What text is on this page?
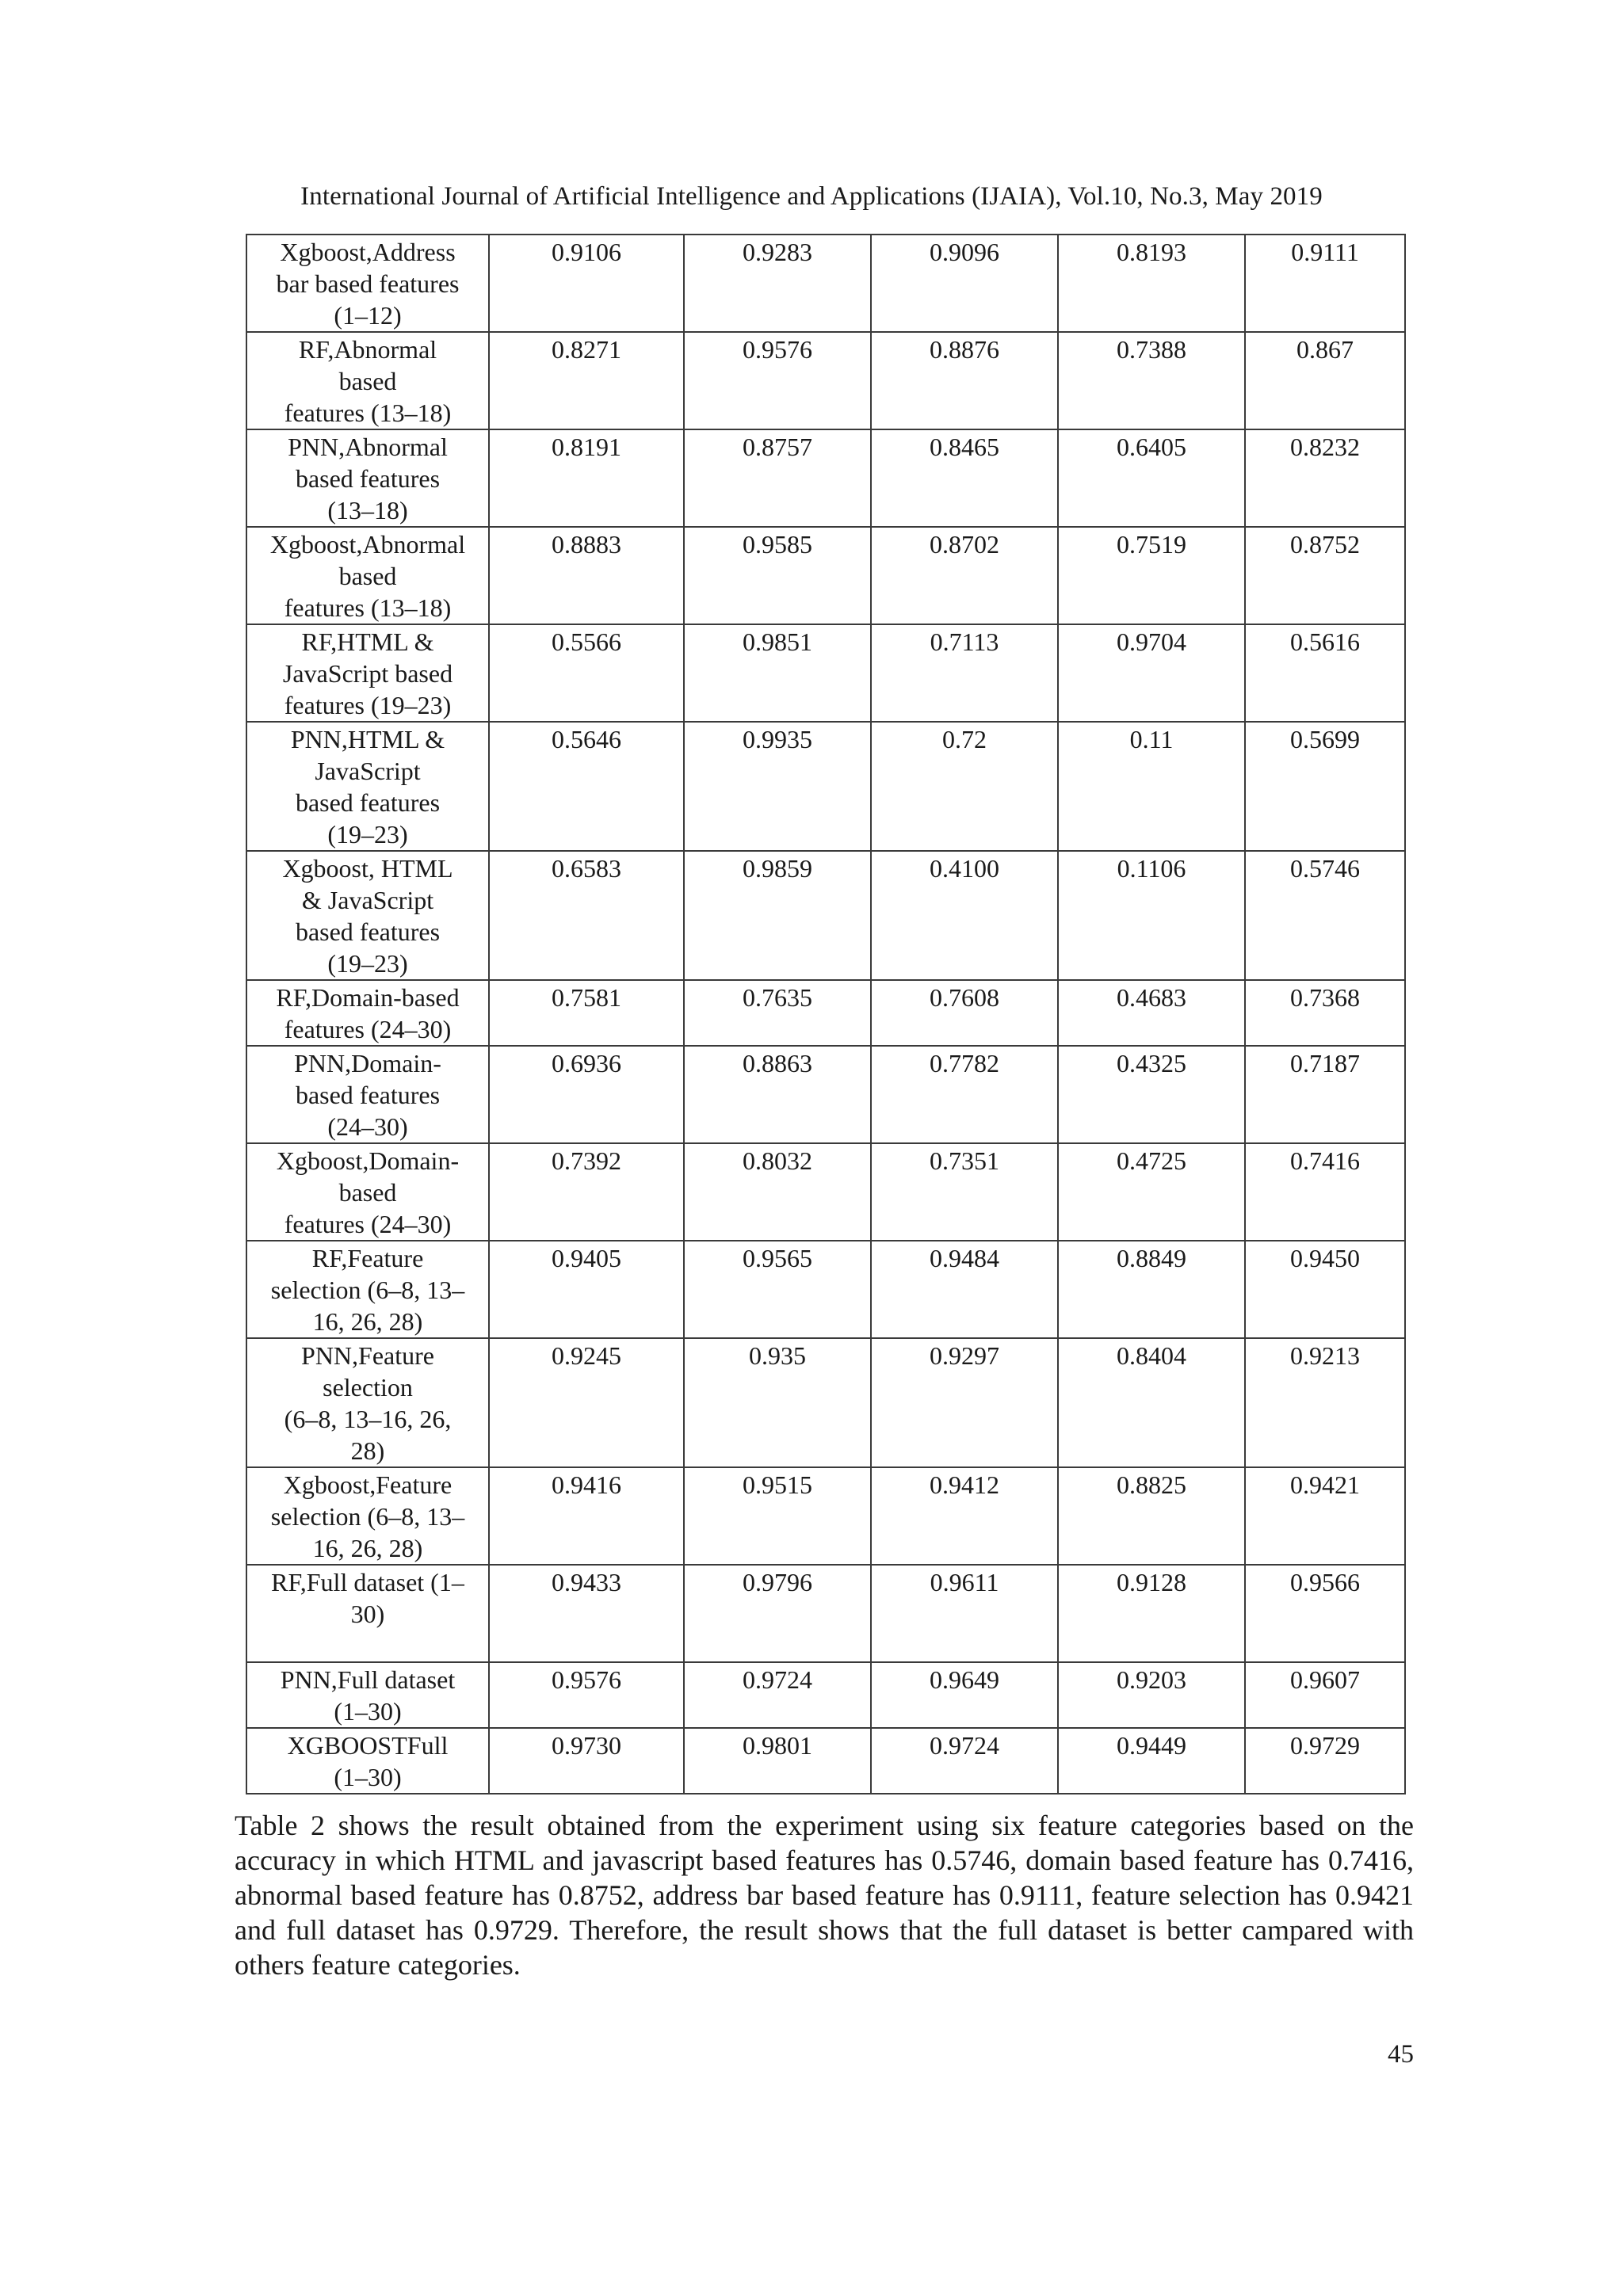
International Journal of Artificial Intelligence and Applications (IJAIA), Vol.10, No.3, May 2019
Xgboost,Address
bar based features
(1–12)	0.9106	0.9283	0.9096	0.8193	0.9111

RF,Abnormal
based
features (13–18)	0.8271	0.9576	0.8876	0.7388	0.867

PNN,Abnormal
based features
(13–18)	0.8191	0.8757	0.8465	0.6405	0.8232

Xgboost,Abnormal
based
features (13–18)	0.8883	0.9585	0.8702	0.7519	0.8752

RF,HTML &
JavaScript based
features (19–23)	0.5566	0.9851	0.7113	0.9704	0.5616

PNN,HTML &
JavaScript
based features
(19–23)	0.5646	0.9935	0.72	0.11	0.5699

Xgboost, HTML
& JavaScript
based features
(19–23)	0.6583	0.9859	0.4100	0.1106	0.5746

RF,Domain-based
features (24–30)	0.7581	0.7635	0.7608	0.4683	0.7368

PNN,Domain-
based features
(24–30)	0.6936	0.8863	0.7782	0.4325	0.7187

Xgboost,Domain-
based
features (24–30)	0.7392	0.8032	0.7351	0.4725	0.7416

RF,Feature
selection (6–8, 13–
16, 26, 28)	0.9405	0.9565	0.9484	0.8849	0.9450

PNN,Feature
selection
(6–8, 13–16, 26,
28)	0.9245	0.935	0.9297	0.8404	0.9213

Xgboost,Feature
selection (6–8, 13–
16, 26, 28)	0.9416	0.9515	0.9412	0.8825	0.9421

RF,Full dataset (1–
30)	0.9433	0.9796	0.9611	0.9128	0.9566

PNN,Full dataset
(1–30)	0.9576	0.9724	0.9649	0.9203	0.9607

XGBOOSTFull
(1–30)	0.9730	0.9801	0.9724	0.9449	0.9729

Table 2 shows the result obtained from the experiment using six feature categories based on the accuracy in which HTML and javascript based features has 0.5746, domain based feature has 0.7416, abnormal based feature has 0.8752, address bar based feature has 0.9111, feature selection has 0.9421 and full dataset has 0.9729. Therefore, the result shows that the full dataset is better campared with others feature categories.

45
